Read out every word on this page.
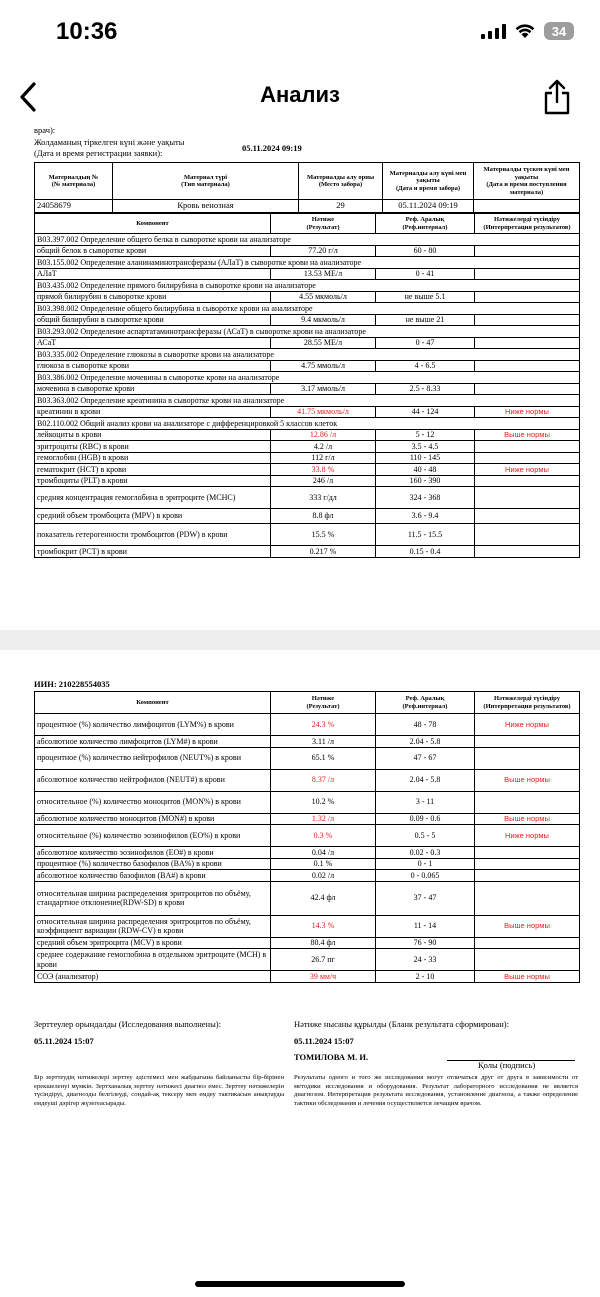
10:36	34
Анализ
врач):
Жолдаманың тіркелген күні және уақыты
(Дата и время регистрации заявки):	05.11.2024 09:19
Материалдың №
(№ материала)	Материал түрі
(Тип материала)	Материалды алу орны
(Место забора)	Материалды алу күні мен уақыты
(Дата и время забора)	Материалды түскен күні мен уақыты
(Дата и время поступления материала)
24058679	Кровь венозная	29	05.11.2024 09:19	
Компонент	Нәтиже
(Результат)	Реф. Аралық
(Реф.интервал)	Нәтижелерді түсіндіру
(Интерпретация результатов)
B03.397.002 Определение общего белка в сыворотке крови на анализаторе			
общий белок в сыворотке крови	77.20 г/л	60 - 80	
B03.155.002 Определение аланинаминотрансферазы (АЛаТ) в сыворотке крови на анализаторе			
АЛаТ	13.53 МЕ/л	0 - 41	
B03.435.002 Определение прямого билирубина в сыворотке крови на анализаторе			
прямой билирубин в сыворотке крови	4.55 мкмоль/л	не выше 5.1	
B03.398.002 Определение общего билирубина в сыворотке крови на анализаторе			
общий билирубин в сыворотке крови	9.4 мкмоль/л	не выше 21	
B03.293.002 Определение аспартатаминотрансферазы (АСаТ) в сыворотке крови на анализаторе			
АСаТ	28.55 МЕ/л	0 - 47	
B03.335.002 Определение глюкозы в сыворотке крови на анализаторе			
глюкоза в сыворотке крови	4.75 ммоль/л	4 - 6.5	
B03.386.002 Определение мочевины в сыворотке крови на анализаторе			
мочевина в сыворотке крови	3.17 ммоль/л	2.5 - 8.33	
B03.363.002 Определение креатинина в сыворотке крови на анализаторе			
креатинин в крови	41.75 мкмоль/л	44 - 124	Ниже нормы
B02.110.002 Общий анализ крови на анализаторе с дифференцировкой 5 классов клеток			
лейкоциты в крови	12.86 /л	5 - 12	Выше нормы
эритроциты (RBC) в крови	4.2 /л	3.5 - 4.5	
гемоглобин (HGB) в крови	112 г/л	110 - 145	
гематокрит (HCT) в крови	33.8 %	40 - 48	Ниже нормы
тромбоциты (PLT) в крови	246 /л	160 - 390	
средняя концентрация гемоглобина в эритроците (MCHC)	333 г/дл	324 - 368	
средний объем тромбоцита (MPV) в крови	8.8 фл	3.6 - 9.4	
показатель гетерогенности тромбоцитов (PDW) в крови	15.5 %	11.5 - 15.5	
тромбокрит (PCT) в крови	0.217 %	0.15 - 0.4	
ИИН: 210228554035
Компонент	Нәтиже
(Результат)	Реф. Аралық
(Реф.интервал)	Нәтижелерді түсіндіру
(Интерпретация результатов)
процентное (%) количество лимфоцитов (LYM%) в крови	24.3 %	48 - 78	Ниже нормы
абсолютное количество лимфоцитов (LYM#) в крови	3.11 /л	2.04 - 5.8	
процентное (%) количество нейтрофилов (NEUT%) в крови	65.1 %	47 - 67	
абсолютное количество нейтрофилов (NEUT#) в крови	8.37 /л	2.04 - 5.8	Выше нормы
относительное (%) количество моноцитов (MON%) в крови	10.2 %	3 - 11	
абсолютное количество моноцитов (MON#) в крови	1.32 /л	0.09 - 0.6	Выше нормы
относительное (%) количество эозинофилов (EO%) в крови	0.3 %	0.5 - 5	Ниже нормы
абсолютное количество эозинофилов (EO#) в крови	0.04 /л	0.02 - 0.3	
процентное (%) количество базофилов (BA%) в крови	0.1 %	0 - 1	
абсолютное количество базофилов (BA#) в крови	0.02 /л	0 - 0.065	
относительная ширина распределения эритроцитов по объёму, стандартное отклонение(RDW-SD) в крови	42.4 фл	37 - 47	
относительная ширина распределения эритроцитов по объёму, коэффициент вариации (RDW-CV) в крови	14.3 %	11 - 14	Выше нормы
средний объем эритроцита (MCV) в крови	80.4 фл	76 - 90	
среднее содержание гемоглобина в отдельном эритроците (MCH) в крови	26.7 пг	24 - 33	
СОЭ (анализатор)	39 мм/ч	2 - 10	Выше нормы
Зерттеулер орындалды (Исследования выполнены):
05.11.2024 15:07
Нәтиже нысаны құрылды (Бланк результата сформирован):
05.11.2024 15:07
ТОМИЛОВА М. И.
Қолы (подпись)
Бір зерттеудің нәтижелері зерттеу әдістемесі мен жабдығына байланысты бір-бірінен ерекшеленуі мүмкін. Зертханалық зерттеу нәтижесі диагноз емес. Зерттеу нәтижелерін түсіндіруі, диагнозды белгілеуді, сондай-ақ тексеру мен емдеу тактикасын анықтауды емдеуші дәрігер жүзегеасырады.
Результаты одного и того же исследования могут отличаться друг от друга в зависимости от методики исследования и оборудования. Результат лабораторного исследования не является диагнозом. Интерпретация результата исследования, установление диагноза, а также определение тактики обследования и лечения осуществляется лечащим врачом.
